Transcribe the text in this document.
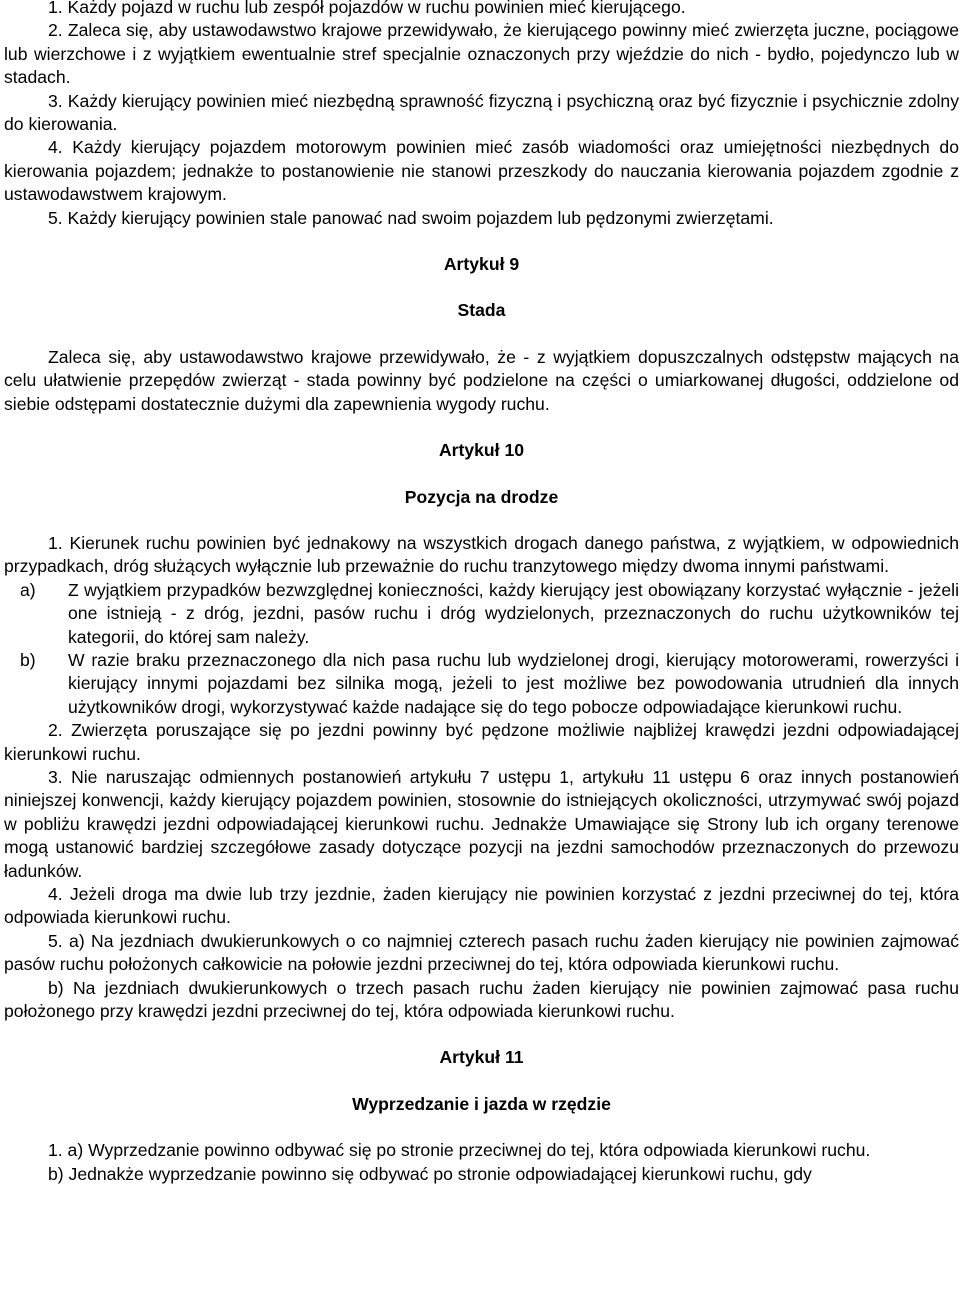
1. Każdy pojazd w ruchu lub zespół pojazdów w ruchu powinien mieć kierującego.

2. Zaleca się, aby ustawodawstwo krajowe przewidywało, że kierującego powinny mieć zwierzęta juczne, pociągowe lub wierzchowe i z wyjątkiem ewentualnie stref specjalnie oznaczonych przy wjeździe do nich - bydło, pojedynczo lub w stadach.

3. Każdy kierujący powinien mieć niezbędną sprawność fizyczną i psychiczną oraz być fizycznie i psychicznie zdolny do kierowania.

4. Każdy kierujący pojazdem motorowym powinien mieć zasób wiadomości oraz umiejętności niezbędnych do kierowania pojazdem; jednakże to postanowienie nie stanowi przeszkody do nauczania kierowania pojazdem zgodnie z ustawodawstwem krajowym.

5. Każdy kierujący powinien stale panować nad swoim pojazdem lub pędzonymi zwierzętami.

Artykuł 9

Stada

Zaleca się, aby ustawodawstwo krajowe przewidywało, że - z wyjątkiem dopuszczalnych odstępstw mających na celu ułatwienie przepędów zwierząt - stada powinny być podzielone na części o umiarkowanej długości, oddzielone od siebie odstępami dostatecznie dużymi dla zapewnienia wygody ruchu.

Artykuł 10

Pozycja na drodze

1. Kierunek ruchu powinien być jednakowy na wszystkich drogach danego państwa, z wyjątkiem, w odpowiednich przypadkach, dróg służących wyłącznie lub przeważnie do ruchu tranzytowego między dwoma innymi państwami.

a)	Z wyjątkiem przypadków bezwzględnej konieczności, każdy kierujący jest obowiązany korzystać wyłącznie - jeżeli one istnieją - z dróg, jezdni, pasów ruchu i dróg wydzielonych, przeznaczonych do ruchu użytkowników tej kategorii, do której sam należy.
b)	W razie braku przeznaczonego dla nich pasa ruchu lub wydzielonej drogi, kierujący motorowerami, rowerzyści i kierujący innymi pojazdami bez silnika mogą, jeżeli to jest możliwe bez powodowania utrudnień dla innych użytkowników drogi, wykorzystywać każde nadające się do tego pobocze odpowiadające kierunkowi ruchu.

2. Zwierzęta poruszające się po jezdni powinny być pędzone możliwie najbliżej krawędzi jezdni odpowiadającej kierunkowi ruchu.

3. Nie naruszając odmiennych postanowień artykułu 7 ustępu 1, artykułu 11 ustępu 6 oraz innych postanowień niniejszej konwencji, każdy kierujący pojazdem powinien, stosownie do istniejących okoliczności, utrzymywać swój pojazd w pobliżu krawędzi jezdni odpowiadającej kierunkowi ruchu. Jednakże Umawiające się Strony lub ich organy terenowe mogą ustanowić bardziej szczegółowe zasady dotyczące pozycji na jezdni samochodów przeznaczonych do przewozu ładunków.

4. Jeżeli droga ma dwie lub trzy jezdnie, żaden kierujący nie powinien korzystać z jezdni przeciwnej do tej, która odpowiada kierunkowi ruchu.

5. a) Na jezdniach dwukierunkowych o co najmniej czterech pasach ruchu żaden kierujący nie powinien zajmować pasów ruchu położonych całkowicie na połowie jezdni przeciwnej do tej, która odpowiada kierunkowi ruchu.

b) Na jezdniach dwukierunkowych o trzech pasach ruchu żaden kierujący nie powinien zajmować pasa ruchu położonego przy krawędzi jezdni przeciwnej do tej, która odpowiada kierunkowi ruchu.

Artykuł 11

Wyprzedzanie i jazda w rzędzie

1. a) Wyprzedzanie powinno odbywać się po stronie przeciwnej do tej, która odpowiada kierunkowi ruchu.

b) Jednakże wyprzedzanie powinno się odbywać po stronie odpowiadającej kierunkowi ruchu, gdy
